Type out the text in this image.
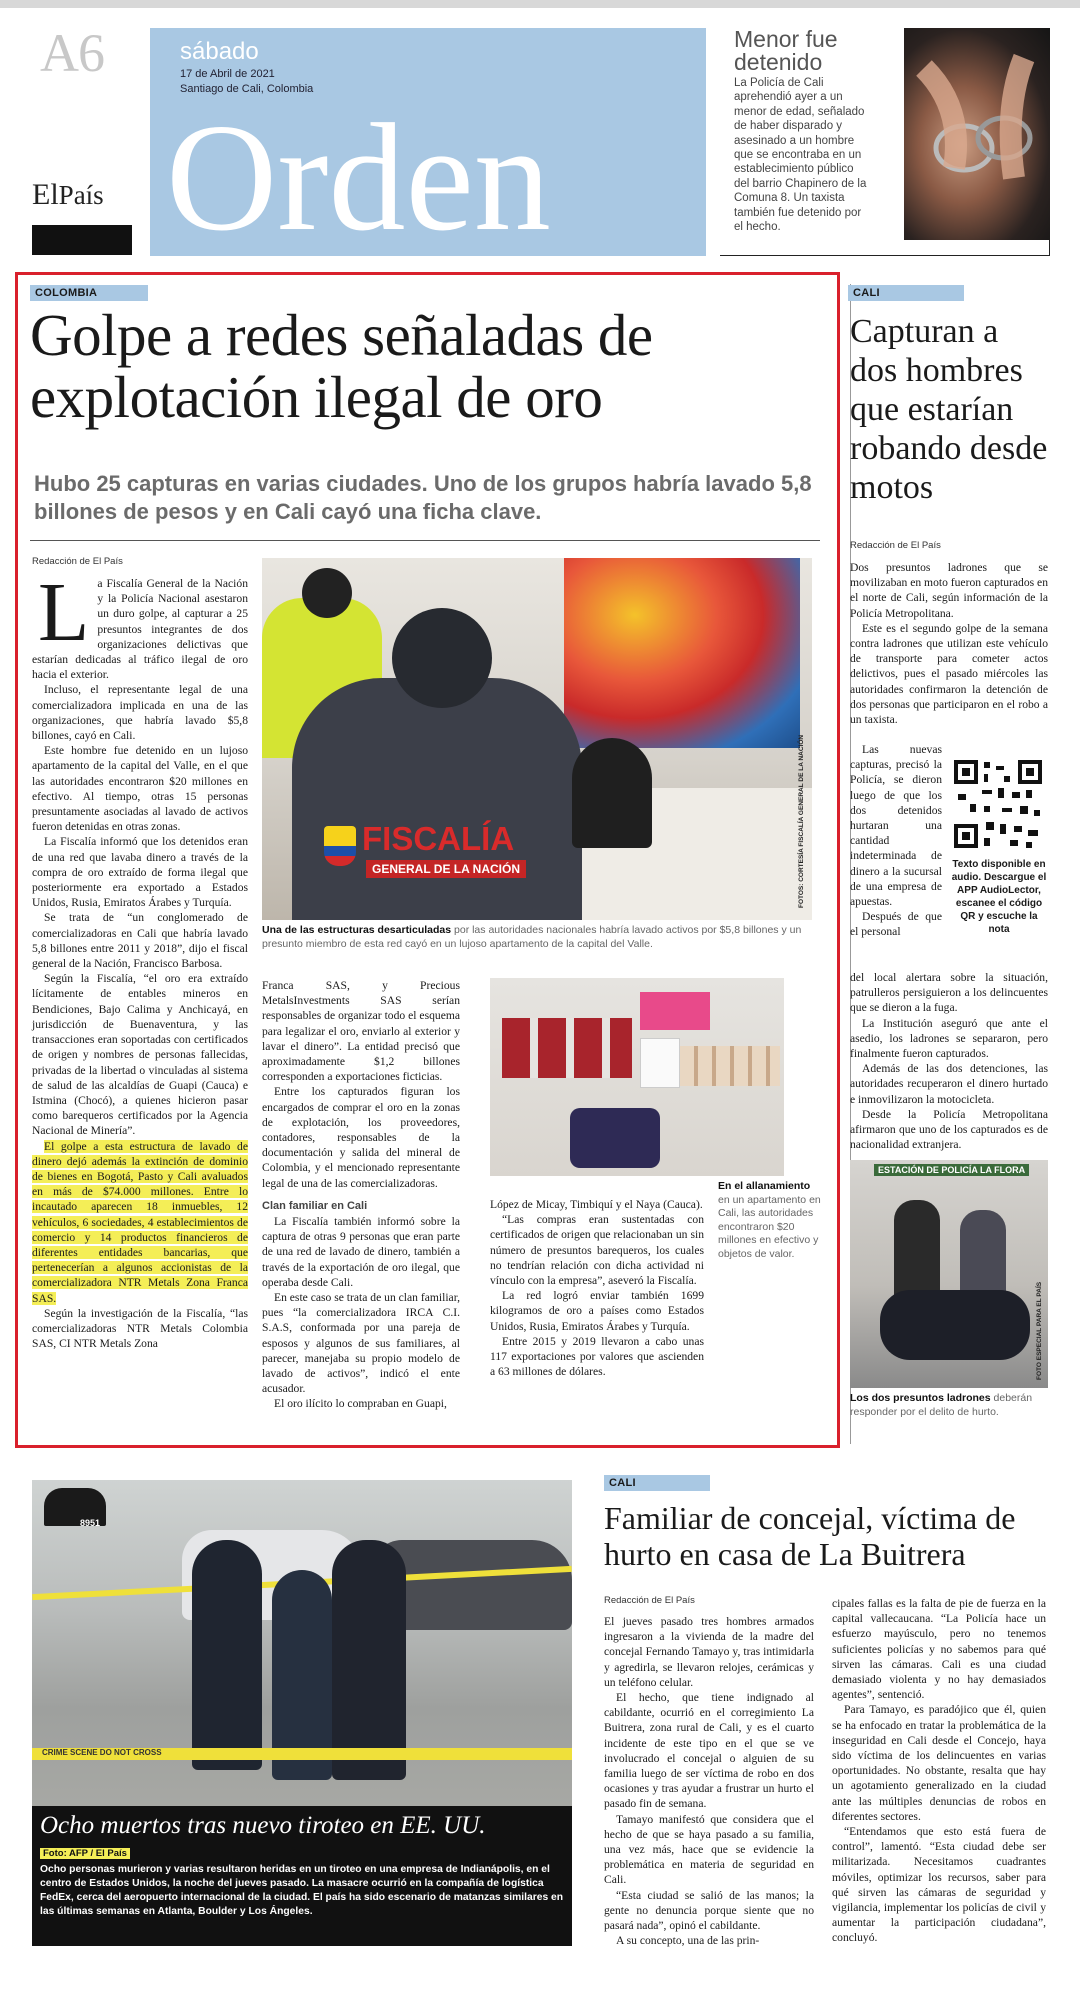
A6
ElPaís
sábado
17 de Abril de 2021
Santiago de Cali, Colombia
Orden
Menor fue detenido
La Policía de Cali aprehendió ayer a un menor de edad, señalado de haber disparado y asesinado a un hombre que se encontraba en un establecimiento público del barrio Chapinero de la Comuna 8. Un taxista también fue detenido por el hecho.
COLOMBIA
Golpe a redes señaladas de explotación ilegal de oro
Hubo 25 capturas en varias ciudades. Uno de los grupos habría lavado 5,8 billones de pesos y en Cali cayó una ficha clave.
Redacción de El País
L a Fiscalía General de la Nación y la Policía Nacional asestaron un duro golpe, al capturar a 25 presuntos integrantes de dos organizaciones delictivas que estarían dedicadas al tráfico ilegal de oro hacia el exterior.

Incluso, el representante legal de una comercializadora implicada en una de las organizaciones, que habría lavado $5,8 billones, cayó en Cali.

Este hombre fue detenido en un lujoso apartamento de la capital del Valle, en el que las autoridades encontraron $20 millones en efectivo. Al tiempo, otras 15 personas presuntamente asociadas al lavado de activos fueron detenidas en otras zonas.

La Fiscalía informó que los detenidos eran de una red que lavaba dinero a través de la compra de oro extraído de forma ilegal que posteriormente era exportado a Estados Unidos, Rusia, Emiratos Árabes y Turquía.

Se trata de “un conglomerado de comercializadoras en Cali que habría lavado 5,8 billones entre 2011 y 2018”, dijo el fiscal general de la Nación, Francisco Barbosa.

Según la Fiscalía, “el oro era extraído lícitamente de entables mineros en Bendiciones, Bajo Calima y Anchicayá, en jurisdicción de Buenaventura, y las transacciones eran soportadas con certificados de origen y nombres de personas fallecidas, privadas de la libertad o vinculadas al sistema de salud de las alcaldías de Guapi (Cauca) e Istmina (Chocó), a quienes hicieron pasar como barequeros certificados por la Agencia Nacional de Minería”.

El golpe a esta estructura de lavado de dinero dejó además la extinción de dominio de bienes en Bogotá, Pasto y Cali avaluados en más de $74.000 millones. Entre lo incautado aparecen 18 inmuebles, 12 vehículos, 6 sociedades, 4 establecimientos de comercio y 14 productos financieros de diferentes entidades bancarias, que pertenecerían a algunos accionistas de la comercializadora NTR Metals Zona Franca SAS.

Según la investigación de la Fiscalía, “las comercializadoras NTR Metals Colombia SAS, CI NTR Metals Zona

FISCALÍA
GENERAL DE LA NACIÓN	FOTOS: CORTESÍA FISCALÍA GENERAL DE LA NACIÓN
Una de las estructuras desarticuladas por las autoridades nacionales habría lavado activos por $5,8 billones y un presunto miembro de esta red cayó en un lujoso apartamento de la capital del Valle.

Franca SAS, y Precious MetalsInvestments SAS serían responsables de organizar todo el esquema para legalizar el oro, enviarlo al exterior y lavar el dinero”. La entidad precisó que aproximadamente $1,2 billones corresponden a exportaciones ficticias.

Entre los capturados figuran los encargados de comprar el oro en la zonas de explotación, los proveedores, contadores, responsables de la documentación y salida del mineral de Colombia, y el mencionado representante legal de una de las comercializadoras.

Clan familiar en Cali

La Fiscalía también informó sobre la captura de otras 9 personas que eran parte de una red de lavado de dinero, también a través de la exportación de oro ilegal, que operaba desde Cali.

En este caso se trata de un clan familiar, pues “la comercializadora IRCA C.I. S.A.S, conformada por una pareja de esposos y algunos de sus familiares, al parecer, manejaba su propio modelo de lavado de activos”, indicó el ente acusador.

El oro ilícito lo compraban en Guapi,

En el allanamiento en un apartamento en Cali, las autoridades encontraron $20 millones en efectivo y objetos de valor.

López de Micay, Timbiquí y el Naya (Cauca).

“Las compras eran sustentadas con certificados de origen que relacionaban un sin número de presuntos barequeros, los cuales no tendrían relación con dicha actividad ni vínculo con la empresa”, aseveró la Fiscalía.

La red logró enviar también 1699 kilogramos de oro a países como Estados Unidos, Rusia, Emiratos Árabes y Turquía.

Entre 2015 y 2019 llevaron a cabo unas 117 exportaciones por valores que ascienden a 63 millones de dólares.

CALI
Capturan a dos hombres que estarían robando desde motos
Redacción de El País

Dos presuntos ladrones que se movilizaban en moto fueron capturados en el norte de Cali, según información de la Policía Metropolitana.

Este es el segundo golpe de la semana contra ladrones que utilizan este vehículo de transporte para cometer actos delictivos, pues el pasado miércoles las autoridades confirmaron la detención de dos personas que participaron en el robo a un taxista.

Las nuevas capturas, precisó la Policía, se dieron luego de que los dos detenidos hurtaran una cantidad indeterminada de dinero a la sucursal de una empresa de apuestas.

Después de que el personal

Texto disponible en audio. Descargue el APP AudioLector, escanee el código QR y escuche la nota

del local alertara sobre la situación, patrulleros persiguieron a los delincuentes que se dieron a la fuga.

La Institución aseguró que ante el asedio, los ladrones se separaron, pero finalmente fueron capturados.

Además de las dos detenciones, las autoridades recuperaron el dinero hurtado e inmovilizaron la motocicleta.

Desde la Policía Metropolitana afirmaron que uno de los capturados es de nacionalidad extranjera.

ESTACIÓN DE POLICÍA LA FLORA
FOTO ESPECIAL PARA EL PAÍS
Los dos presuntos ladrones deberán responder por el delito de hurto.
8951
CRIME SCENE DO NOT CROSS
Ocho muertos tras nuevo tiroteo en EE. UU.
Foto: AFP / El País
Ocho personas murieron y varias resultaron heridas en un tiroteo en una empresa de Indianápolis, en el centro de Estados Unidos, la noche del jueves pasado. La masacre ocurrió en la compañía de logística FedEx, cerca del aeropuerto internacional de la ciudad. El país ha sido escenario de matanzas similares en las últimas semanas en Atlanta, Boulder y Los Ángeles.
CALI
Familiar de concejal, víctima de hurto en casa de La Buitrera
Redacción de El País

El jueves pasado tres hombres armados ingresaron a la vivienda de la madre del concejal Fernando Tamayo y, tras intimidarla y agredirla, se llevaron relojes, cerámicas y un teléfono celular.

El hecho, que tiene indignado al cabildante, ocurrió en el corregimiento La Buitrera, zona rural de Cali, y es el cuarto incidente de este tipo en el que se ve involucrado el concejal o alguien de su familia luego de ser víctima de robo en dos ocasiones y tras ayudar a frustrar un hurto el pasado fin de semana.

Tamayo manifestó que considera que el hecho de que se haya pasado a su familia, una vez más, hace que se evidencie la problemática en materia de seguridad en Cali.

“Esta ciudad se salió de las manos; la gente no denuncia porque siente que no pasará nada”, opinó el cabildante.

A su concepto, una de las prin-

cipales fallas es la falta de pie de fuerza en la capital vallecaucana. “La Policía hace un esfuerzo mayúsculo, pero no tenemos suficientes policías y no sabemos para qué sirven las cámaras. Cali es una ciudad demasiado violenta y no hay demasiados agentes”, sentenció.

Para Tamayo, es paradójico que él, quien se ha enfocado en tratar la problemática de la inseguridad en Cali desde el Concejo, haya sido víctima de los delincuentes en varias oportunidades. No obstante, resalta que hay un agotamiento generalizado en la ciudad ante las múltiples denuncias de robos en diferentes sectores.

“Entendamos que esto está fuera de control”, lamentó. “Esta ciudad debe ser militarizada. Necesitamos cuadrantes móviles, optimizar los recursos, saber para qué sirven las cámaras de seguridad y vigilancia, implementar los policías de civil y aumentar la participación ciudadana”, concluyó.
